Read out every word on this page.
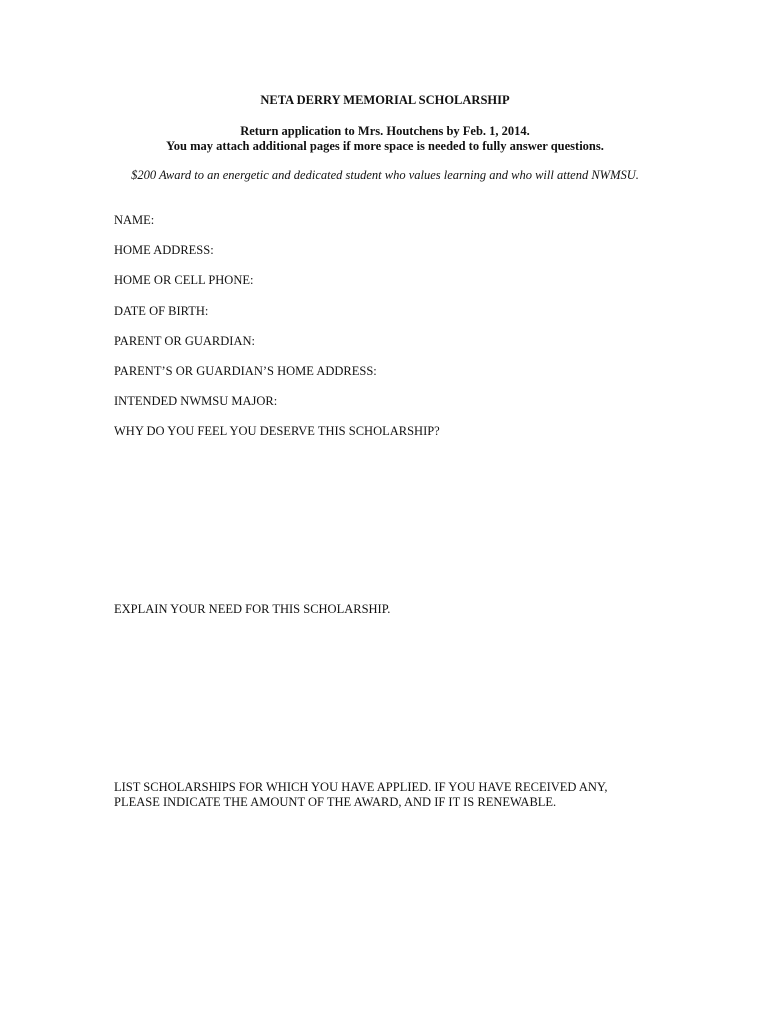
NETA DERRY MEMORIAL SCHOLARSHIP
Return application to Mrs. Houtchens by Feb. 1, 2014.
You may attach additional pages if more space is needed to fully answer questions.
$200 Award to an energetic and dedicated student who values learning and who will attend NWMSU.
NAME:
HOME ADDRESS:
HOME OR CELL PHONE:
DATE OF BIRTH:
PARENT OR GUARDIAN:
PARENT’S OR GUARDIAN’S HOME ADDRESS:
INTENDED NWMSU MAJOR:
WHY DO YOU FEEL YOU DESERVE THIS SCHOLARSHIP?
EXPLAIN YOUR NEED FOR THIS SCHOLARSHIP.
LIST SCHOLARSHIPS FOR WHICH YOU HAVE APPLIED. IF YOU HAVE RECEIVED ANY,
PLEASE INDICATE THE AMOUNT OF THE AWARD, AND IF IT IS RENEWABLE.
